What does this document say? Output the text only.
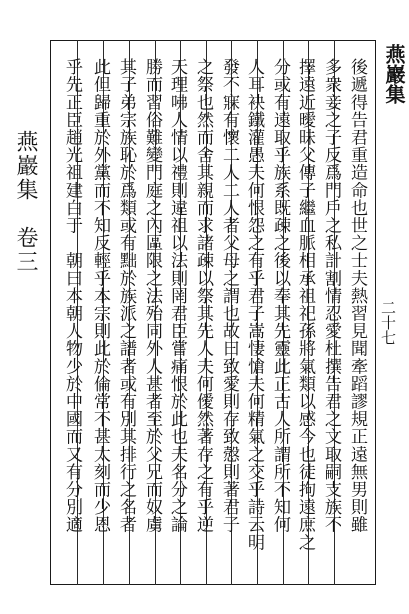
燕巖集
後遞得告君重造命也世之士夫熱習見聞牽蹈謬規正遠無男則雖
多衆妾之子反爲門戶之私計割情忍愛杜撰告君之文取嗣支族不
擇遠近曖昧父傳子繼血脈相承祖祀孫將氣類以感今也徒拘遠庶之
分或有遠取乎族系既疎之後以奉其先靈此正古人所謂所不知何
人耳袂鐵灌愚夫何恨怨之有乎君子嵩悽愴夫何精氣之交乎詩云明
發不寐有懷二人二人者父母之謂也故曰致愛則存致慤則著君子
之祭也然而舍其親而求諸疎以祭其先人夫何僾然著存之有乎逆
天理咈人情以禮則違祖以法則罔君臣嘗痛恨於此也夫名分之論
勝而習俗難變門庭之內區限之法殆同外人甚者至於父兄而奴虜
其子弟宗族恥於爲類或有黜於族派之譜者或有別其排行之名者
此但歸重於外黨而不知反輕乎本宗則此於倫常不甚太刻而少恩
乎先正臣趙光祖建白于　朝曰本朝人物少於中國而又有分別適
燕巖集　卷三
二十七
